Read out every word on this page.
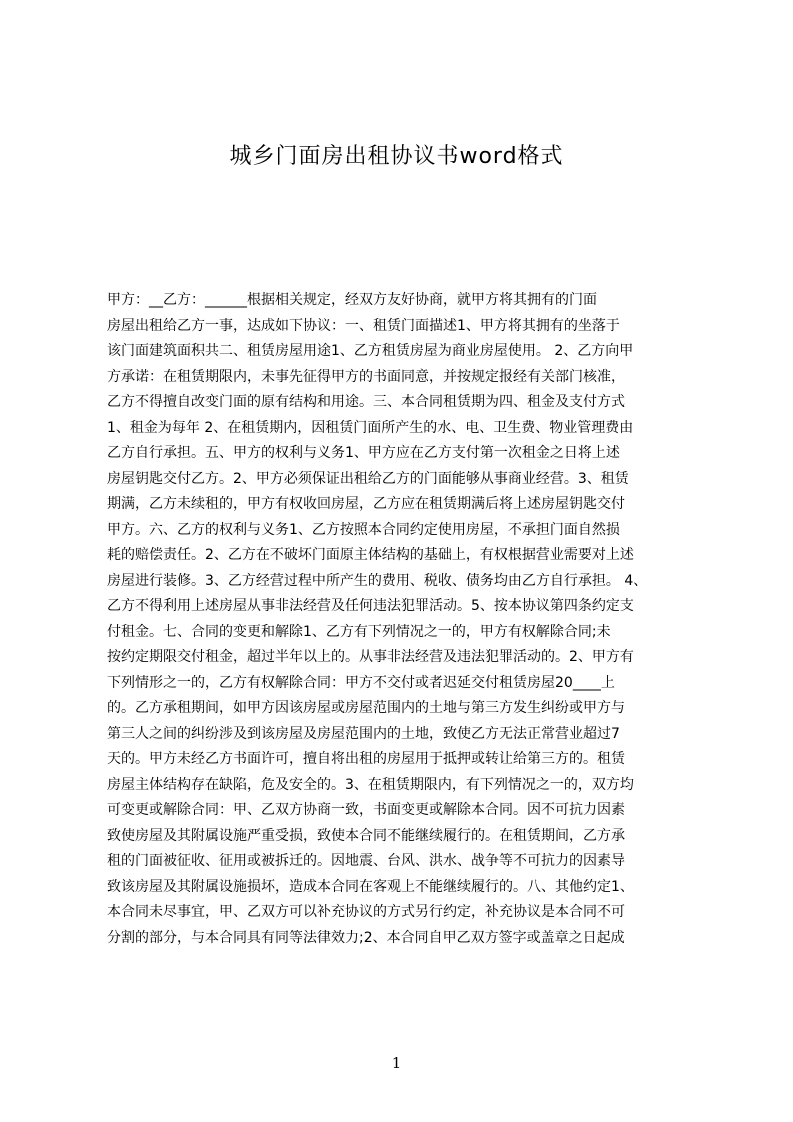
城乡门面房出租协议书word格式
甲方：__乙方：______根据相关规定，经双方友好协商，就甲方将其拥有的门面
房屋出租给乙方一事，达成如下协议：一、租赁门面描述1、甲方将其拥有的坐落于
该门面建筑面积共二、租赁房屋用途1、乙方租赁房屋为商业房屋使用。 2、乙方向甲
方承诺：在租赁期限内，未事先征得甲方的书面同意，并按规定报经有关部门核准，
乙方不得擅自改变门面的原有结构和用途。三、本合同租赁期为四、租金及支付方式
1、租金为每年 2、在租赁期内，因租赁门面所产生的水、电、卫生费、物业管理费由
乙方自行承担。五、甲方的权利与义务1、甲方应在乙方支付第一次租金之日将上述
房屋钥匙交付乙方。2、甲方必须保证出租给乙方的门面能够从事商业经营。3、租赁
期满，乙方未续租的，甲方有权收回房屋，乙方应在租赁期满后将上述房屋钥匙交付
甲方。六、乙方的权利与义务1、乙方按照本合同约定使用房屋，不承担门面自然损
耗的赔偿责任。2、乙方在不破坏门面原主体结构的基础上，有权根据营业需要对上述
房屋进行装修。3、乙方经营过程中所产生的费用、税收、债务均由乙方自行承担。 4、
乙方不得利用上述房屋从事非法经营及任何违法犯罪活动。5、按本协议第四条约定支
付租金。七、合同的变更和解除1、乙方有下列情况之一的，甲方有权解除合同;未
按约定期限交付租金，超过半年以上的。从事非法经营及违法犯罪活动的。2、甲方有
下列情形之一的，乙方有权解除合同：甲方不交付或者迟延交付租赁房屋20____上
的。乙方承租期间，如甲方因该房屋或房屋范围内的土地与第三方发生纠纷或甲方与
第三人之间的纠纷涉及到该房屋及房屋范围内的土地，致使乙方无法正常营业超过7
天的。甲方未经乙方书面许可，擅自将出租的房屋用于抵押或转让给第三方的。租赁
房屋主体结构存在缺陷，危及安全的。3、在租赁期限内，有下列情况之一的，双方均
可变更或解除合同：甲、乙双方协商一致，书面变更或解除本合同。因不可抗力因素
致使房屋及其附属设施严重受损，致使本合同不能继续履行的。在租赁期间，乙方承
租的门面被征收、征用或被拆迁的。因地震、台风、洪水、战争等不可抗力的因素导
致该房屋及其附属设施损坏，造成本合同在客观上不能继续履行的。八、其他约定1、
本合同未尽事宜，甲、乙双方可以补充协议的方式另行约定，补充协议是本合同不可
分割的部分，与本合同具有同等法律效力;2、本合同自甲乙双方签字或盖章之日起成
1
